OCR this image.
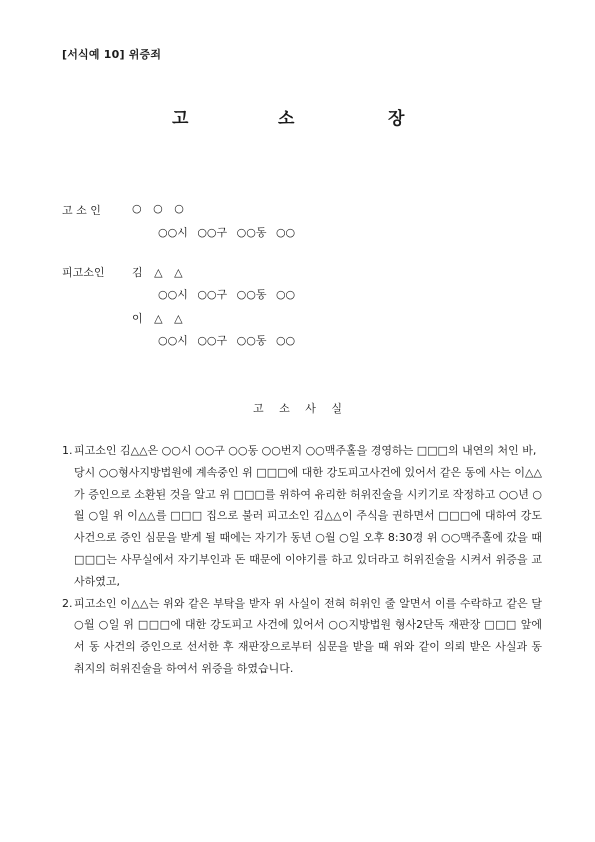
[서식예 10] 위증죄
고	소	장
고 소 인	○ ○ ○
○○시 ○○구 ○○동 ○○
피고소인 김 △ △
○○시 ○○구 ○○동 ○○
이 △ △
○○시 ○○구 ○○동 ○○
고 소 사 실
1. 피고소인 김△△은 ○○시 ○○구 ○○동 ○○번지 ○○맥주홀을 경영하는 □□□의 내연의 처인 바,

당시 ○○형사지방법원에 계속중인 위 □□□에 대한 강도피고사건에 있어서 같은 동에 사는 이△△가 증인으로 소환된 것을 알고 위 □□□를 위하여 유리한 허위진술을 시키기로 작정하고 ○○년 ○월 ○일 위 이△△를 □□□ 집으로 불러 피고소인 김△△이 주식을 권하면서 □□□에 대하여 강도사건으로 증인 심문을 받게 될 때에는 자기가 동년 ○월 ○일 오후 8:30경 위 ○○맥주홀에 갔을 때 □□□는 사무실에서 자기부인과 돈 때문에 이야기를 하고 있더라고 허위진술을 시켜서 위증을 교사하였고,

2. 피고소인 이△△는 위와 같은 부탁을 받자 위 사실이 전혀 허위인 줄 알면서 이를 수락하고 같은 달 ○월 ○일 위 □□□에 대한 강도피고 사건에 있어서 ○○지방법원 형사2단독 재판장 □□□ 앞에서 동 사건의 증인으로 선서한 후 재판장으로부터 심문을 받을 때 위와 같이 의뢰 받은 사실과 동 취지의 허위진술을 하여서 위증을 하였습니다.
